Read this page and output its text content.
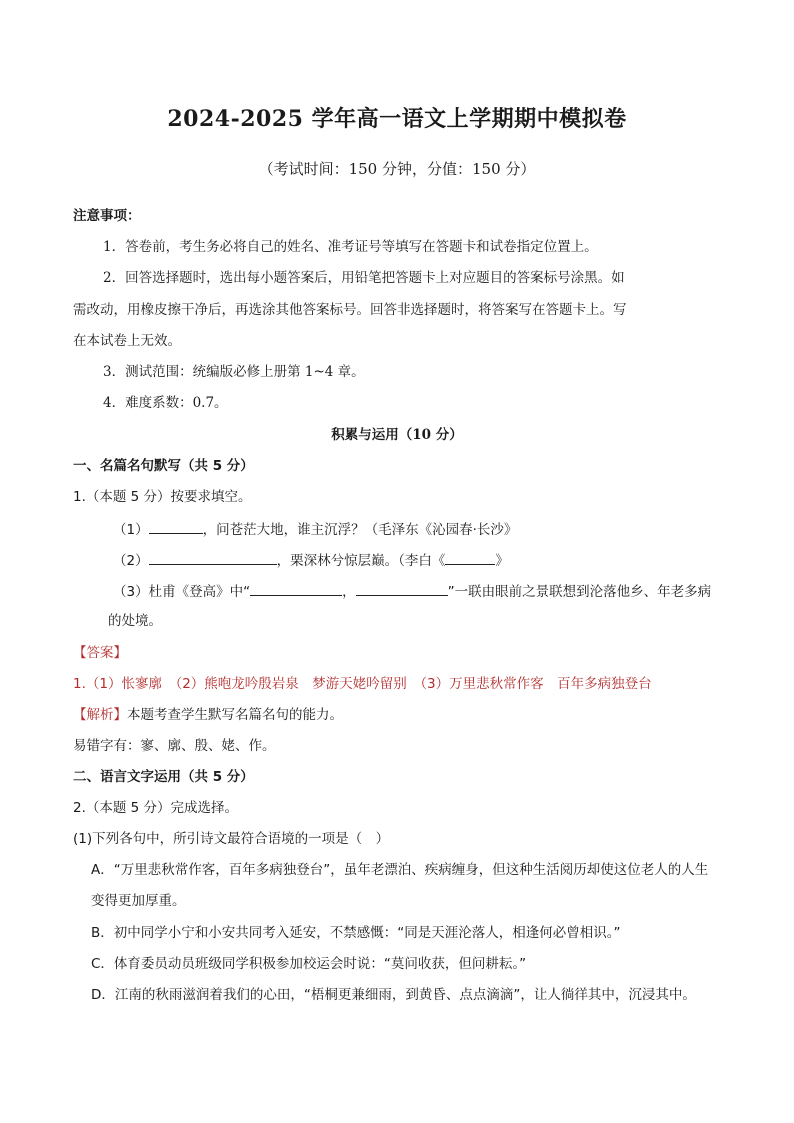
2024-2025 学年高一语文上学期期中模拟卷
（考试时间：150 分钟，分值：150 分）
注意事项：
1．答卷前，考生务必将自己的姓名、准考证号等填写在答题卡和试卷指定位置上。
2．回答选择题时，选出每小题答案后，用铅笔把答题卡上对应题目的答案标号涂黑。如
需改动，用橡皮擦干净后，再选涂其他答案标号。回答非选择题时，将答案写在答题卡上。写
在本试卷上无效。
3．测试范围：统编版必修上册第 1~4 章。
4．难度系数：0.7。
积累与运用（10 分）
一、名篇名句默写（共 5 分）
1.（本题 5 分）按要求填空。
（1）	，问苍茫大地，谁主沉浮？（毛泽东《沁园春·长沙》
（2）	，栗深林兮惊层巅。（李白《	》
（3）杜甫《登高》中“	，	”一联由眼前之景联想到沦落他乡、年老多病
的处境。
【答案】
1.（1）怅寥廓　（2）熊咆龙吟殷岩泉　梦游天姥吟留别　（3）万里悲秋常作客　百年多病独登台
【解析】本题考查学生默写名篇名句的能力。
易错字有：寥、廓、殷、姥、作。
二、语言文字运用（共 5 分）
2.（本题 5 分）完成选择。
(1)下列各句中，所引诗文最符合语境的一项是（　）
A．“万里悲秋常作客，百年多病独登台”，虽年老漂泊、疾病缠身，但这种生活阅历却使这位老人的人生
变得更加厚重。
B．初中同学小宁和小安共同考入延安，不禁感慨：“同是天涯沦落人，相逢何必曾相识。”
C．体育委员动员班级同学积极参加校运会时说：“莫问收获，但问耕耘。”
D．江南的秋雨滋润着我们的心田，“梧桐更兼细雨，到黄昏、点点滴滴”，让人徜徉其中，沉浸其中。
